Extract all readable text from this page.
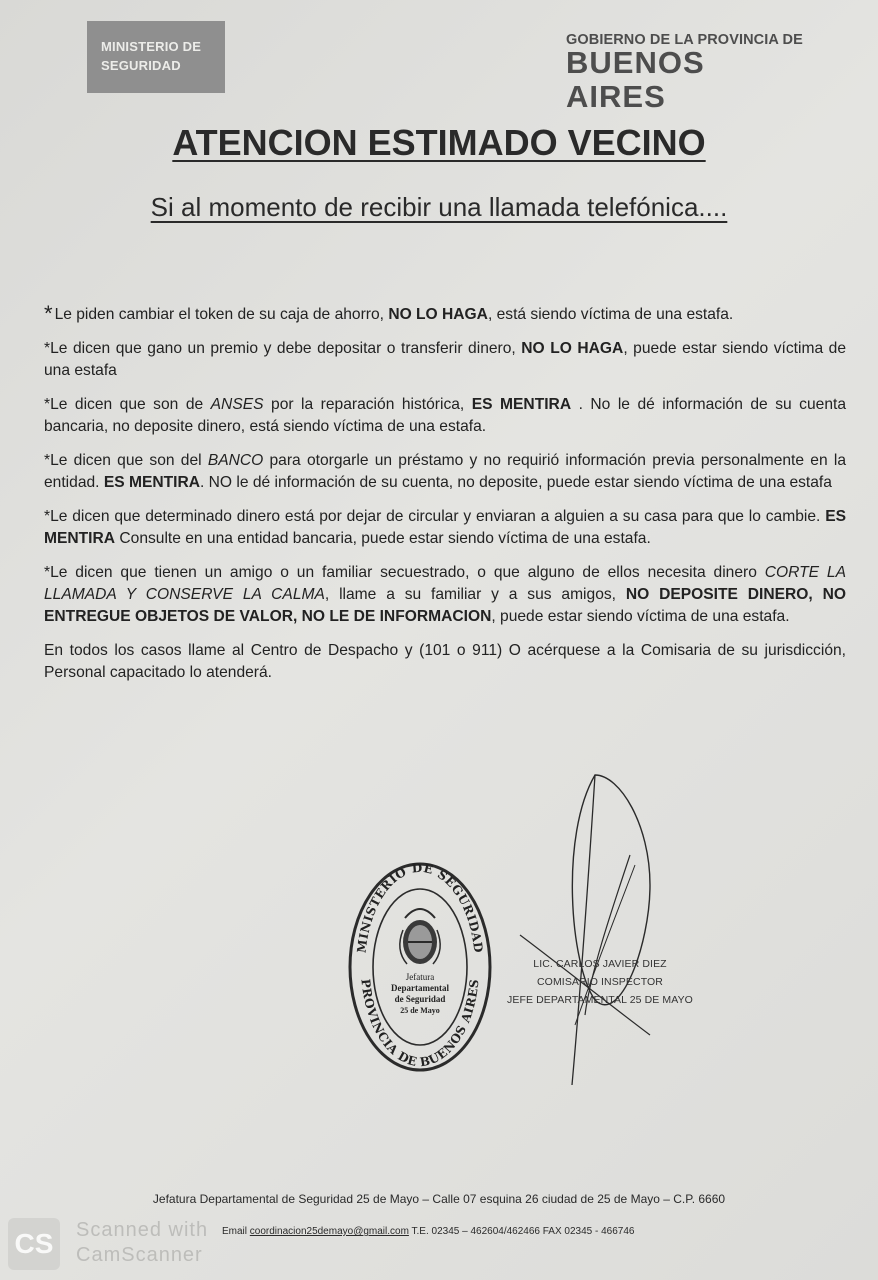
MINISTERIO DE
SEGURIDAD
GOBIERNO DE LA PROVINCIA DE
BUENOS AIRES
ATENCION ESTIMADO VECINO
Si al momento de recibir una llamada telefónica....

* Le piden cambiar el token de su caja de ahorro, NO LO HAGA, está siendo víctima de una estafa.

*Le dicen que gano un premio y debe depositar o transferir dinero, NO LO HAGA, puede estar siendo víctima de una estafa

*Le dicen que son de ANSES por la reparación histórica, ES MENTIRA . No le dé información de su cuenta bancaria, no deposite dinero, está siendo víctima de una estafa.

*Le dicen que son del BANCO para otorgarle un préstamo y no requirió información previa personalmente en la entidad. ES MENTIRA. NO le dé información de su cuenta, no deposite, puede estar siendo víctima de una estafa

*Le dicen que determinado dinero está por dejar de circular y enviaran a alguien a su casa para que lo cambie. ES MENTIRA Consulte en una entidad bancaria, puede estar siendo víctima de una estafa.

*Le dicen que tienen un amigo o un familiar secuestrado, o que alguno de ellos necesita dinero CORTE LA LLAMADA Y CONSERVE LA CALMA, llame a su familiar y a sus amigos, NO DEPOSITE DINERO, NO ENTREGUE OBJETOS DE VALOR, NO LE DE INFORMACION, puede estar siendo víctima de una estafa.

En todos los casos llame al Centro de Despacho y (101 o 911) O acérquese a la Comisaria de su jurisdicción, Personal capacitado lo atenderá.

MINISTERIO DE SEGURIDAD
PROVINCIA DE BUENOS AIRES
Jefatura
Departamental
de Seguridad
25 de Mayo
LIC. CARLOS JAVIER DIEZ
COMISARIO INSPECTOR
JEFE DEPARTAMENTAL 25 DE MAYO
Jefatura Departamental de Seguridad 25 de Mayo – Calle 07 esquina 26 ciudad de 25 de Mayo – C.P. 6660
Email coordinacion25demayo@gmail.com T.E. 02345 – 462604/462466 FAX 02345 - 466746
CS	Scanned with
CamScanner
